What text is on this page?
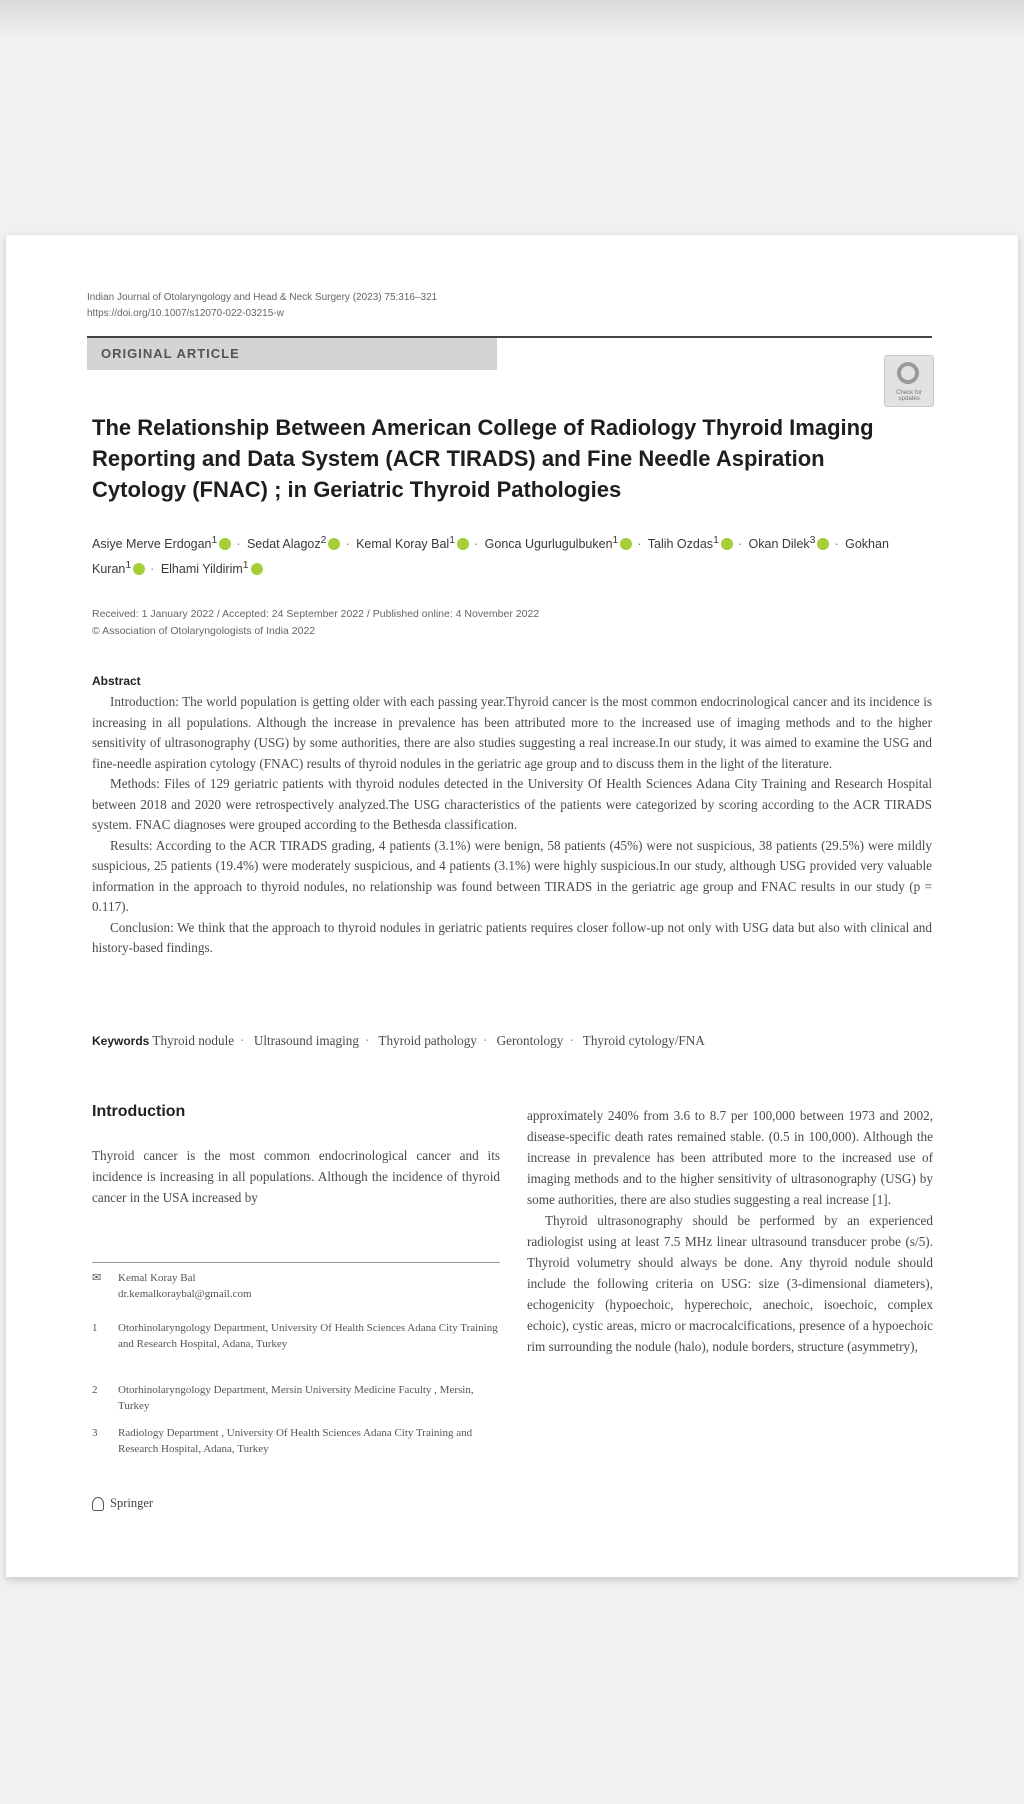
Indian Journal of Otolaryngology and Head & Neck Surgery (2023) 75:316–321
https://doi.org/10.1007/s12070-022-03215-w
ORIGINAL ARTICLE
Check for updates
The Relationship Between American College of Radiology Thyroid Imaging Reporting and Data System (ACR TIRADS) and Fine Needle Aspiration Cytology (FNAC) ; in Geriatric Thyroid Pathologies
Asiye Merve Erdogan$^1$ · Sedat Alagoz$^2$ · Kemal Koray Bal$^1$ · Gonca Ugurlugulbuken$^1$ · Talih Ozdas$^1$ · Okan Dilek$^3$ · Gokhan Kuran$^1$ · Elhami Yildirim$^1$
Received: 1 January 2022 / Accepted: 24 September 2022 / Published online: 4 November 2022
© Association of Otolaryngologists of India 2022
Abstract

Introduction: The world population is getting older with each passing year.Thyroid cancer is the most common endocrinological cancer and its incidence is increasing in all populations. Although the increase in prevalence has been attributed more to the increased use of imaging methods and to the higher sensitivity of ultrasonography (USG) by some authorities, there are also studies suggesting a real increase.In our study, it was aimed to examine the USG and fine-needle aspiration cytology (FNAC) results of thyroid nodules in the geriatric age group and to discuss them in the light of the literature.

Methods: Files of 129 geriatric patients with thyroid nodules detected in the University Of Health Sciences Adana City Training and Research Hospital between 2018 and 2020 were retrospectively analyzed.The USG characteristics of the patients were categorized by scoring according to the ACR TIRADS system. FNAC diagnoses were grouped according to the Bethesda classification.

Results: According to the ACR TIRADS grading, 4 patients (3.1%) were benign, 58 patients (45%) were not suspicious, 38 patients (29.5%) were mildly suspicious, 25 patients (19.4%) were moderately suspicious, and 4 patients (3.1%) were highly suspicious.In our study, although USG provided very valuable information in the approach to thyroid nodules, no relationship was found between TIRADS in the geriatric age group and FNAC results in our study (p = 0.117).

Conclusion: We think that the approach to thyroid nodules in geriatric patients requires closer follow-up not only with USG data but also with clinical and history-based findings.

Keywords Thyroid nodule · Ultrasound imaging · Thyroid pathology · Gerontology · Thyroid cytology/FNA
Introduction
Thyroid cancer is the most common endocrinological cancer and its incidence is increasing in all populations. Although the incidence of thyroid cancer in the USA increased by

approximately 240% from 3.6 to 8.7 per 100,000 between 1973 and 2002, disease-specific death rates remained stable. (0.5 in 100,000). Although the increase in prevalence has been attributed more to the increased use of imaging methods and to the higher sensitivity of ultrasonography (USG) by some authorities, there are also studies suggesting a real increase [1].

Thyroid ultrasonography should be performed by an experienced radiologist using at least 7.5 MHz linear ultrasound transducer probe (s/5). Thyroid volumetry should always be done. Any thyroid nodule should include the following criteria on USG: size (3-dimensional diameters), echogenicity (hypoechoic, hyperechoic, anechoic, isoechoic, complex echoic), cystic areas, micro or macrocalcifications, presence of a hypoechoic rim surrounding the nodule (halo), nodule borders, structure (asymmetry),

✉	Kemal Koray Bal
dr.kemalkoraybal@gmail.com
1	Otorhinolaryngology Department, University Of Health Sciences Adana City Training and Research Hospital, Adana, Turkey
2	Otorhinolaryngology Department, Mersin University Medicine Faculty , Mersin, Turkey
3	Radiology Department , University Of Health Sciences Adana City Training and Research Hospital, Adana, Turkey
Springer
